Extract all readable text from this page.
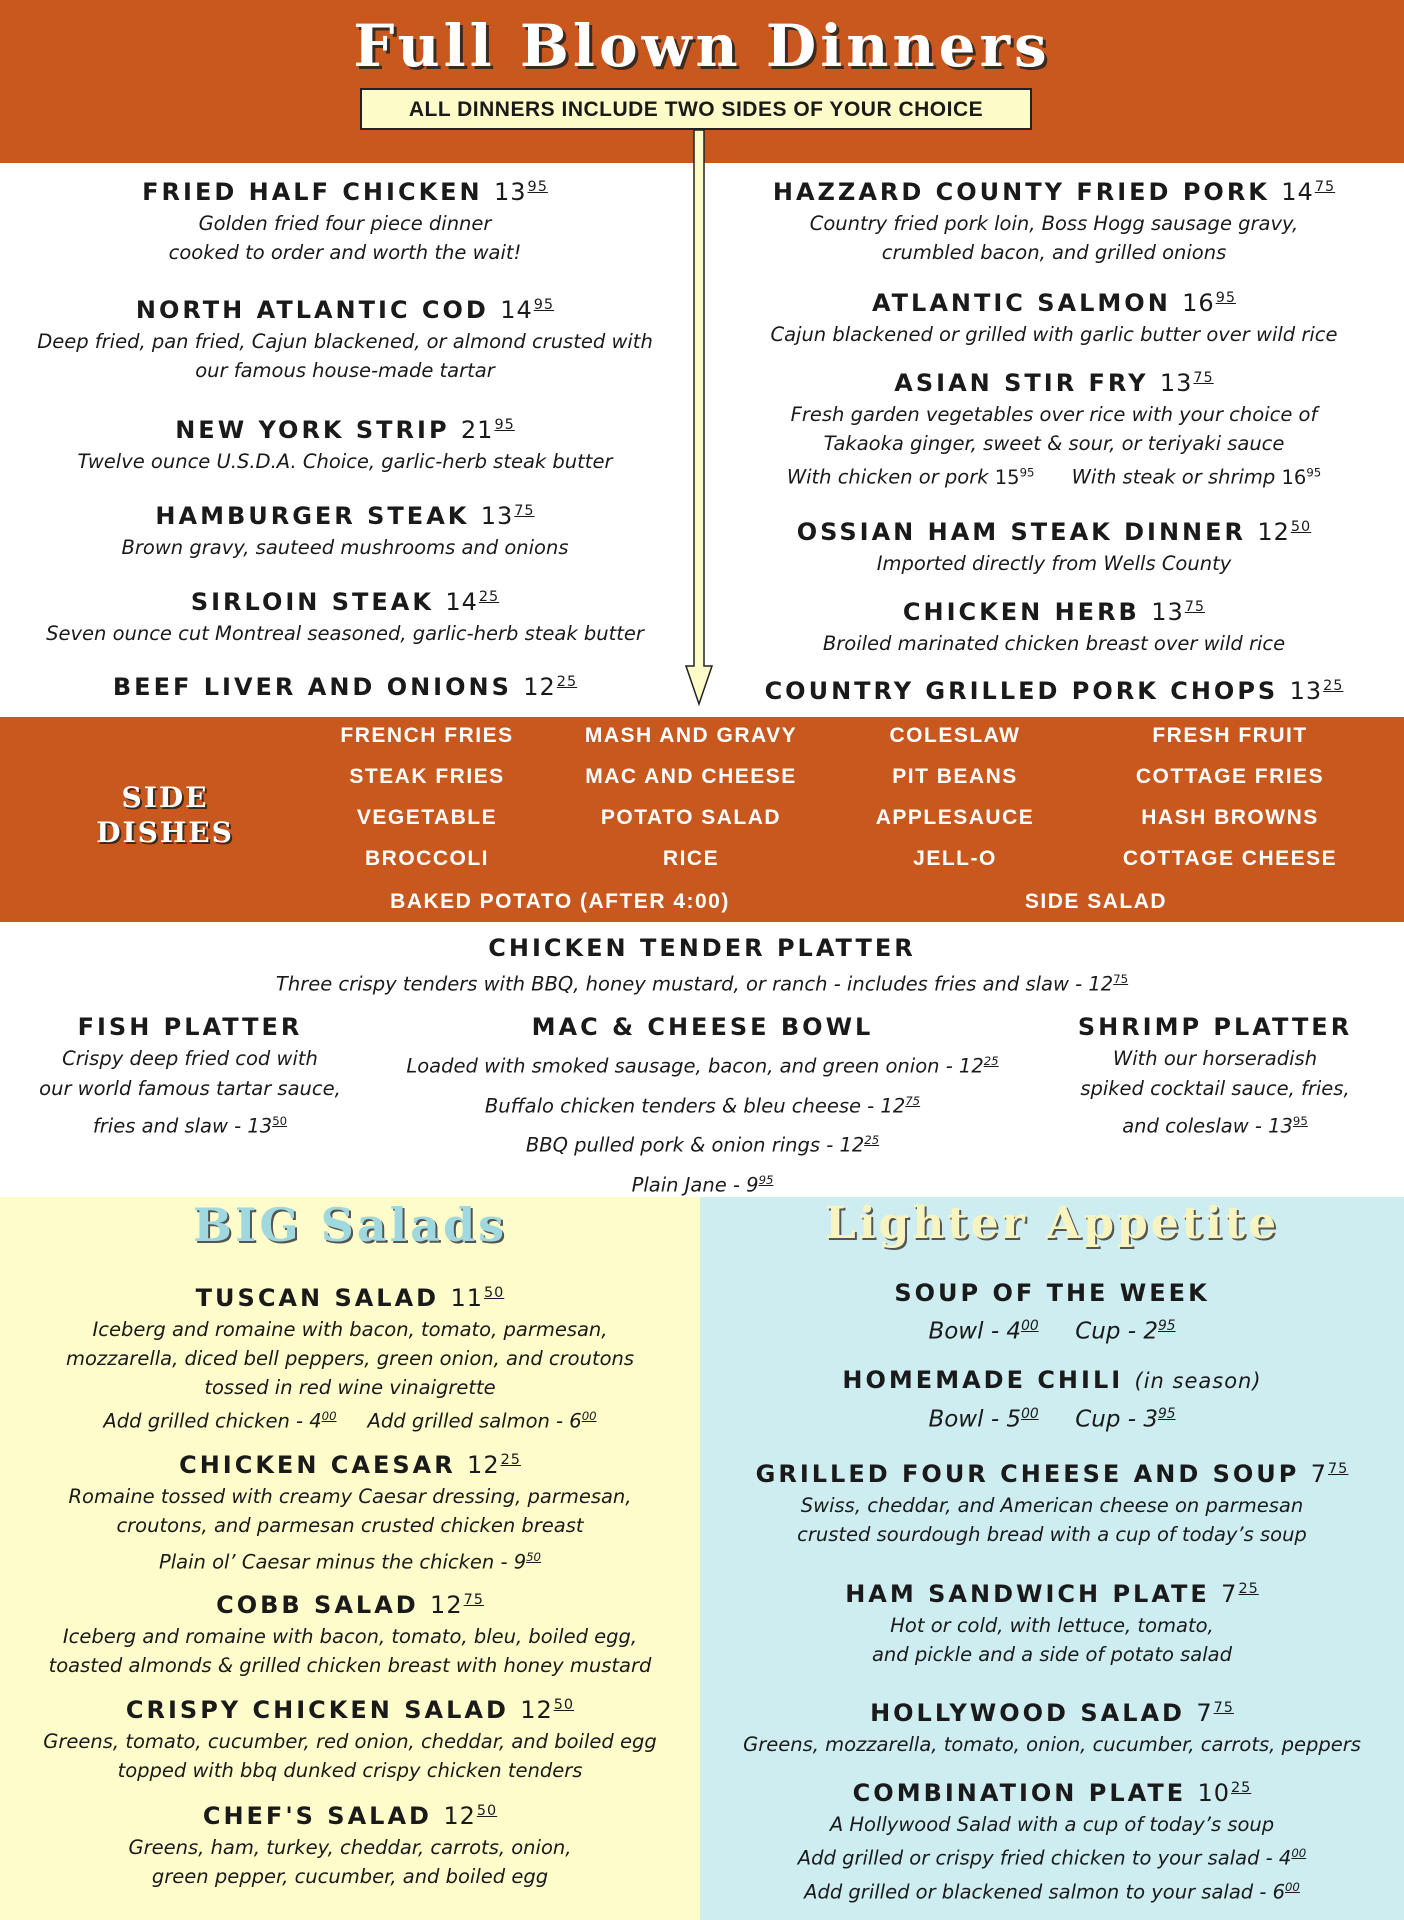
Full Blown Dinners
ALL DINNERS INCLUDE TWO SIDES OF YOUR CHOICE
FRIED HALF CHICKEN $13^{95}$
Golden fried four piece dinner
cooked to order and worth the wait!
NORTH ATLANTIC COD $14^{95}$
Deep fried, pan fried, Cajun blackened, or almond crusted with
our famous house-made tartar
NEW YORK STRIP $21^{95}$
Twelve ounce U.S.D.A. Choice, garlic-herb steak butter
HAMBURGER STEAK $13^{75}$
Brown gravy, sauteed mushrooms and onions
SIRLOIN STEAK $14^{25}$
Seven ounce cut Montreal seasoned, garlic-herb steak butter
BEEF LIVER AND ONIONS $12^{25}$
HAZZARD COUNTY FRIED PORK $14^{75}$
Country fried pork loin, Boss Hogg sausage gravy,
crumbled bacon, and grilled onions
ATLANTIC SALMON $16^{95}$
Cajun blackened or grilled with garlic butter over wild rice
ASIAN STIR FRY $13^{75}$
Fresh garden vegetables over rice with your choice of
Takaoka ginger, sweet & sour, or teriyaki sauce
With chicken or pork $15^{95}$ With steak or shrimp $16^{95}$
OSSIAN HAM STEAK DINNER $12^{50}$
Imported directly from Wells County
CHICKEN HERB $13^{75}$
Broiled marinated chicken breast over wild rice
COUNTRY GRILLED PORK CHOPS $13^{25}$
SIDE
DISHES
FRENCH FRIES
STEAK FRIES
VEGETABLE
BROCCOLI
MASH AND GRAVY
MAC AND CHEESE
POTATO SALAD
RICE
COLESLAW
PIT BEANS
APPLESAUCE
JELL-O
FRESH FRUIT
COTTAGE FRIES
HASH BROWNS
COTTAGE CHEESE
BAKED POTATO (AFTER 4:00)	SIDE SALAD
CHICKEN TENDER PLATTER
Three crispy tenders with BBQ, honey mustard, or ranch - includes fries and slaw - $12^{75}$
FISH PLATTER
Crispy deep fried cod with
our world famous tartar sauce,
fries and slaw - $13^{50}$
MAC & CHEESE BOWL
Loaded with smoked sausage, bacon, and green onion - $12^{25}$
Buffalo chicken tenders & bleu cheese - $12^{75}$
BBQ pulled pork & onion rings - $12^{25}$
Plain Jane - $9^{95}$
SHRIMP PLATTER
With our horseradish
spiked cocktail sauce, fries,
and coleslaw - $13^{95}$
BIG Salads	Lighter Appetite
TUSCAN SALAD $11^{50}$
Iceberg and romaine with bacon, tomato, parmesan,
mozzarella, diced bell peppers, green onion, and croutons
tossed in red wine vinaigrette
Add grilled chicken - $4^{00}$ Add grilled salmon - $6^{00}$
CHICKEN CAESAR $12^{25}$
Romaine tossed with creamy Caesar dressing, parmesan,
croutons, and parmesan crusted chicken breast
Plain ol’ Caesar minus the chicken - $9^{50}$
COBB SALAD $12^{75}$
Iceberg and romaine with bacon, tomato, bleu, boiled egg,
toasted almonds & grilled chicken breast with honey mustard
CRISPY CHICKEN SALAD $12^{50}$
Greens, tomato, cucumber, red onion, cheddar, and boiled egg
topped with bbq dunked crispy chicken tenders
CHEF'S SALAD $12^{50}$
Greens, ham, turkey, cheddar, carrots, onion,
green pepper, cucumber, and boiled egg
SOUP OF THE WEEK
Bowl - $4^{00}$ Cup - $2^{95}$
HOMEMADE CHILI (in season)
Bowl - $5^{00}$ Cup - $3^{95}$
GRILLED FOUR CHEESE AND SOUP $7^{75}$
Swiss, cheddar, and American cheese on parmesan
crusted sourdough bread with a cup of today’s soup
HAM SANDWICH PLATE $7^{25}$
Hot or cold, with lettuce, tomato,
and pickle and a side of potato salad
HOLLYWOOD SALAD $7^{75}$
Greens, mozzarella, tomato, onion, cucumber, carrots, peppers
COMBINATION PLATE $10^{25}$
A Hollywood Salad with a cup of today’s soup
Add grilled or crispy fried chicken to your salad - $4^{00}$
Add grilled or blackened salmon to your salad - $6^{00}$
